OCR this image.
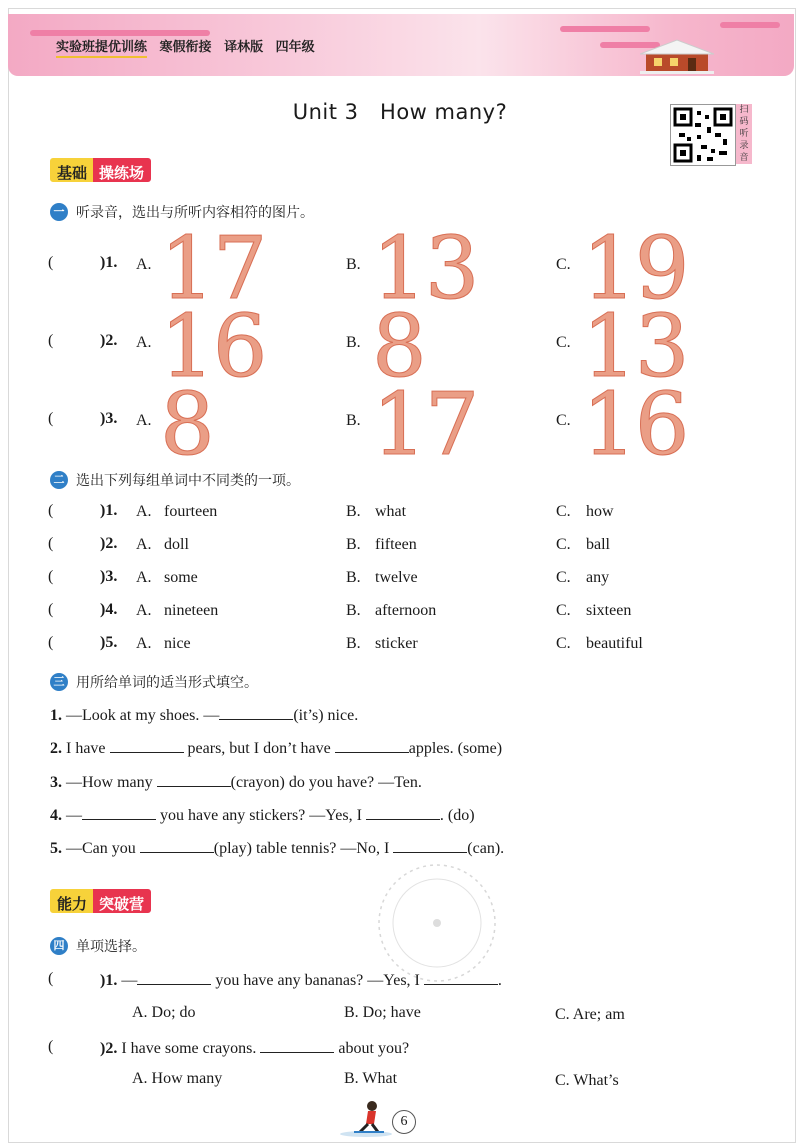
实验班提优训练 寒假衔接 译林版 四年级
Unit 3   How many?	扫码听录音
基础 操练场
一 听录音，选出与所听内容相符的图片。
(	)1. A. 17	B. 13	C. 19
(	)2. A. 16	B. 8	C. 13
(	)3. A. 8	B. 17	C. 16
二 选出下列每组单词中不同类的一项。
(	)1. A. fourteen	B. what	C. how
(	)2. A. doll	B. fifteen	C. ball
(	)3. A. some	B. twelve	C. any
(	)4. A. nineteen	B. afternoon	C. sixteen
(	)5. A. nice	B. sticker	C. beautiful
三 用所给单词的适当形式填空。
1. —Look at my shoes. —	(it’s) nice.
2. I have	pears, but I don’t have	apples. (some)
3. —How many	(crayon) do you have? —Ten.
4. —	you have any stickers? —Yes, I	. (do)
5. —Can you	(play) table tennis? —No, I	(can).
能力 突破营
四 单项选择。
(	)1. —	you have any bananas? —Yes, I	.
A. Do; do	B. Do; have	C. Are; am
(	)2. I have some crayons.	about you?
A. How many	B. What	C. What’s
6
